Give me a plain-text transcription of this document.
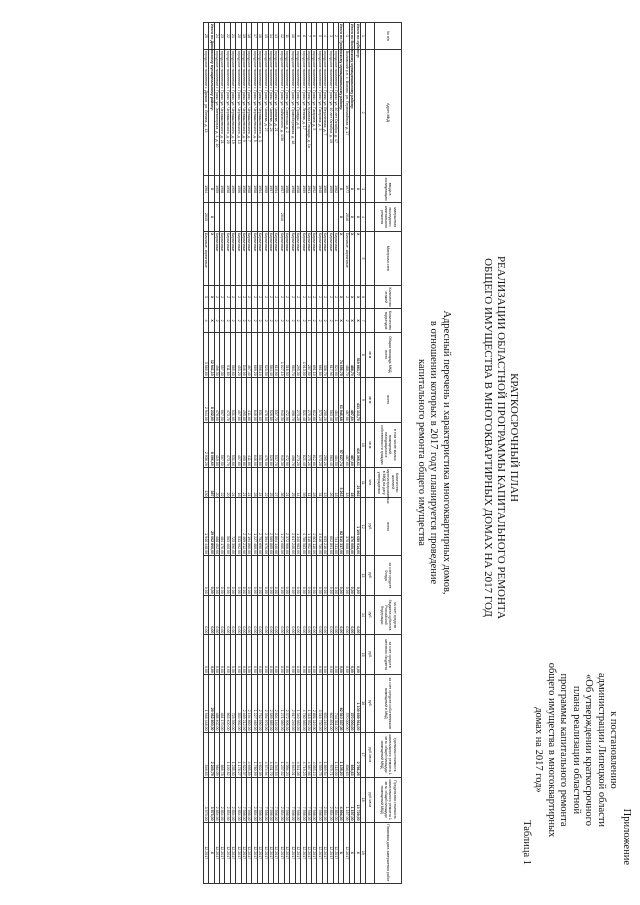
Приложение
к постановлению
администрации Липецкой области
«Об утверждении краткосрочного
плана реализации областной
программы капитального ремонта
общего имущества в многоквартирных
домах на 2017 год»
Таблица 1
КРАТКОСРОЧНЫЙ ПЛАН
РЕАЛИЗАЦИИ ОБЛАСТНОЙ ПРОГРАММЫ КАПИТАЛЬНОГО РЕМОНТА
ОБЩЕГО ИМУЩЕСТВА В МНОГОКВАРТИРНЫХ ДОМАХ НА 2017 ГОД
Адресный перечень и характеристика многоквартирных домов,
в отношении которых в 2017 году планируется проведение
капитального ремонта общего имущества
№ п/п	Адрес МКД	ввода в эксплуатацию	завершения последнего капитального ремонта	Материал стен	Количество этажей	Количество подъездов	Общая площадь МКД, всего	всего	в том числе жилых помещений, находящихся в собственности граждан	Количество жителей, зарегистрированных в МКД на дату утверждения	всего	за счет средств Фонда	за счет средств бюджета субъекта Российской Федерации	за счет средств местного бюджета	за счет средств собственников помещений в МКД	Удельная стоимость капитального ремонта 1 кв.м. общей площади помещений МКД	Предельная стоимость капитального ремонта 1 кв.м. общей площади помещений МКД	Плановая дата завершения работ
							кв.м	кв.м	кв.м	чел.	руб.	руб.	руб.	руб.	руб.	руб./кв.м	руб./кв.м	
1	2	3	4	5	6	7	8	9	10	11	12	13	14	15	16	17	18	19
Итого по субъекту:		Х	Х	Х	Х	Х	519 883,77	431 113,70	416 395,61	21 862	1 109 659 914,00	0,00	0,00	0,00	1 109 659 914,00	2 786,25	13 729,00	Х
Итого по Воловскому муниципальному району:		Х	Х	Х	Х	Х	488,70	487,60	487,60	18	370 000,00	0,00	0,00	0,00	370 000,00	836,63	1 157,00	Х
1	Воловский р-н, с. Волово, ул. Первомайская, д. 17	1977	2016	Блочные, кирпичные	2	2	488,70	487,60	487,60	18	370 000,00	0,00	0,00	0,00	370 000,00	836,63	1 157,00	12.2017
Итого по Грязинскому муниципальному району:		Х	Х	Х	Х	Х	74 656,75	61 946,68	57 627,74	3 263	82 510 337,00	0,00	0,00	0,00	82 510 337,00	1 105,20	4 894,00	Х
2	городское поселение г. Грязи, ул. 40 лет Октября, д. 17	1962		Кирпичные	2	1	524,90	484,50	484,50	18	744 311,00	0,00	0,00	0,00	744 311,00	1 418,00	2 854,00	12.2017
3	городское поселение г. Грязи, ул. 40 лет Октября, д. 19	1959		Кирпичные	2	2	617,90	563,40	563,40	26	602 891,00	0,00	0,00	0,00	602 891,00	975,71	2 854,00	12.2017
4	городское поселение г. Грязи, ул. Верхлесная, д. 7	1960		Кирпичные	2	2	338,70	295,20	295,20	13	633 216,00	0,00	0,00	0,00	633 216,00	1 869,54	2 854,00	12.2017
5	городское поселение г. Грязи, ул. Гагарина, д. 3	1948		Кирпичные	2	2	661,60	573,20	573,20	31	3 016 730,00	0,00	0,00	0,00	3 016 730,00	4 559,75	7 598,00	12.2017
6	городское поселение г. Грязи, ул. Гагарина, д. 5	1952		Кирпичные	2	2	691,10	612,60	612,60	28	2 801 110,00	0,00	0,00	0,00	2 801 110,00	4 053,13	7 598,00	12.2017
7	городское поселение г. Грязи, ул. Красная Площадь, д. 1а	1961		Кирпичные	2	1	287,50	275,20	275,20	11	1 318 952,00	0,00	0,00	0,00	1 318 952,00	4 587,66	7 598,00	12.2017
8	городское поселение г. Грязи, ул. Ленина, д. 17	1959		Кирпичные	2	2	1 013,00	821,40	821,40	39	4 780 583,00	0,00	0,00	0,00	4 780 583,00	4 719,23	7 598,00	12.2017
9	городское поселение г. Грязи, ул. Правды, д. 5	1958		Кирпичные	2	2	295,30	273,20	273,20	14	1 340 983,00	0,00	0,00	0,00	1 340 983,00	4 541,08	7 598,00	12.2017
10	городское поселение г. Грязи, ул. Правобережная, д. 18	1958		Кирпичные	2	2	563,70	498,70	498,70	25	2 617 240,00	0,00	0,00	0,00	2 617 240,00	4 643,01	7 598,00	12.2017
11	городское поселение г. Грязи, ул. Советская, д. 2	1956		Кирпичные	2	2	516,50	472,90	472,90	21	2 372 906,00	0,00	0,00	0,00	2 372 906,00	4 594,20	7 598,00	12.2017
12	городское поселение г. Грязи, ул. Чайковского, д. 1/36	1957	2010	Кирпичные	2	2	1 027,10	940,30	940,30	36	1 271 060,00	0,00	0,00	0,00	1 271 060,00	1 237,52	2 854,00	12.2017
13	городское поселение г. Грязи, ул. Чапаева, д. 21	1954		Кирпичные	2	2	616,90	537,70	537,70	27	2 804 140,00	0,00	0,00	0,00	2 804 140,00	4 545,53	7 598,00	12.2017
14	городское поселение г. Грязи, ул. Чапаева, д. 24	1957		Кирпичные	2	2	584,40	526,80	526,80	25	2 589 885,00	0,00	0,00	0,00	2 589 885,00	4 431,70	7 598,00	12.2017
15	городское поселение г. Грязи, ул. Чапаева, д. 27	1958		Кирпичные	2	2	523,50	476,50	476,50	22	2 394 970,00	0,00	0,00	0,00	2 394 970,00	4 574,94	7 598,00	12.2017
16	городское поселение г. Грязи, ул. Чернышевского, д. 3	1954		Кирпичные	2	2	598,10	531,60	531,60	24	2 752 690,00	0,00	0,00	0,00	2 752 690,00	4 602,39	7 598,00	12.2017
17	городское поселение г. Грязи, ул. Чернышевского, д. 5	1958		Кирпичные	2	2	689,20	646,00	646,00	28	1 227 460,00	0,00	0,00	0,00	1 227 460,00	1 780,99	2 854,00	12.2017
18	городское поселение г. Грязи, ул. Чернышевского, д. 7	1958		Кирпичные	2	2	467,40	411,80	411,80	21	2 194 860,00	0,00	0,00	0,00	2 194 860,00	4 695,89	7 598,00	12.2017
19	городское поселение г. Грязи, ул. Чернышевского, д. 9	1956		Кирпичные	2	2	546,00	495,80	495,80	21	2 469 212,00	0,00	0,00	0,00	2 469 212,00	4 522,37	7 598,00	12.2017
20	городское поселение г. Грязи, ул. Чернышевского, д. 13	1956		Кирпичные	2	2	453,20	407,80	407,80	16	533 992,00	0,00	0,00	0,00	533 992,00	1 178,27	2 854,00	12.2017
21	городское поселение г. Грязи, ул. Чернышевского, д. 19	1959		Кирпичные	2	2	585,60	531,60	531,60	24	723 390,00	0,00	0,00	0,00	723 390,00	1 235,30	2 854,00	12.2017
22	городское поселение г. Грязи, ул. Чернышевского, д. 20	1958		Кирпичные	2	2	511,80	473,70	473,70	20	563 400,00	0,00	0,00	0,00	563 400,00	1 100,82	2 854,00	12.2017
23	городское поселение г. Грязи, ул. Чернышевского, д. 21	1958		Кирпичные	2	2	557,30	507,50	507,50	22	484 170,00	0,00	0,00	0,00	484 170,00	868,78	2 854,00	12.2017
24	городское поселение г. Грязи, ул. Элеваторная, д. 4, д. 10	1959		Кирпичные	2	2	496,30	476,00	419,80	20	488 402,00	0,00	0,00	0,00	488 402,00	984,09	2 854,00	12.2017
Итого по Данковскому муниципальному району:		Х	Х	Х	Х	Х	12 941,10	8 232,90	8 096,60	387	29 062 800,00	0,00	0,00	0,00	29 062 800,00	2 245,75	3 573,00	Х
25	городское поселение г. Данков, ул. Ленина, д. 13	1964	2015	Блочные, кирпичные	5	4	3 560,80	2 944,00	2 936,20	130	1 946 448,00	0,00	0,00	0,00	1 946 448,00	546,63	3 573,00	12.2017
